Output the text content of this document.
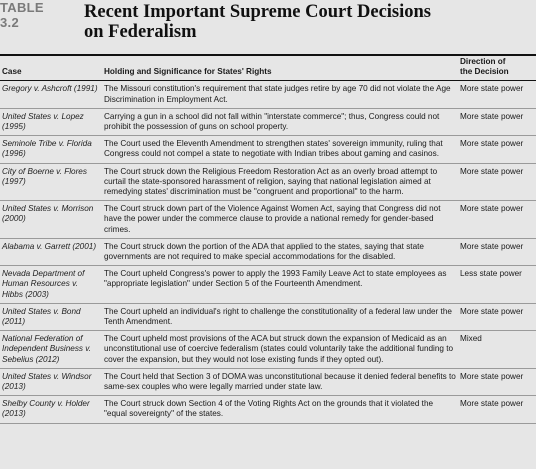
TABLE
3.2
Recent Important Supreme Court Decisions
on Federalism
Case	Holding and Significance for States' Rights	Direction of
the Decision

Gregory v. Ashcroft (1991)	The Missouri constitution's requirement that state judges retire by age 70 did not violate the Age Discrimination in Employment Act.	More state power
United States v. Lopez (1995)	Carrying a gun in a school did not fall within "interstate commerce"; thus, Congress could not prohibit the possession of guns on school property.	More state power
Seminole Tribe v. Florida (1996)	The Court used the Eleventh Amendment to strengthen states' sovereign immunity, ruling that Congress could not compel a state to negotiate with Indian tribes about gaming and casinos.	More state power
City of Boerne v. Flores (1997)	The Court struck down the Religious Freedom Restoration Act as an overly broad attempt to curtail the state-sponsored harassment of religion, saying that national legislation aimed at remedying states' discrimination must be "congruent and proportional" to the harm.	More state power
United States v. Morrison (2000)	The Court struck down part of the Violence Against Women Act, saying that Congress did not have the power under the commerce clause to provide a national remedy for gender-based crimes.	More state power
Alabama v. Garrett (2001)	The Court struck down the portion of the ADA that applied to the states, saying that state governments are not required to make special accommodations for the disabled.	More state power
Nevada Department of Human Resources v. Hibbs (2003)	The Court upheld Congress's power to apply the 1993 Family Leave Act to state employees as "appropriate legislation" under Section 5 of the Fourteenth Amendment.	Less state power
United States v. Bond (2011)	The Court upheld an individual's right to challenge the constitutionality of a federal law under the Tenth Amendment.	More state power
National Federation of Independent Business v. Sebelius (2012)	The Court upheld most provisions of the ACA but struck down the expansion of Medicaid as an unconstitutional use of coercive federalism (states could voluntarily take the additional funding to cover the expansion, but they would not lose existing funds if they opted out).	Mixed
United States v. Windsor (2013)	The Court held that Section 3 of DOMA was unconstitutional because it denied federal benefits to same-sex couples who were legally married under state law.	More state power
Shelby County v. Holder (2013)	The Court struck down Section 4 of the Voting Rights Act on the grounds that it violated the "equal sovereignty" of the states.	More state power
